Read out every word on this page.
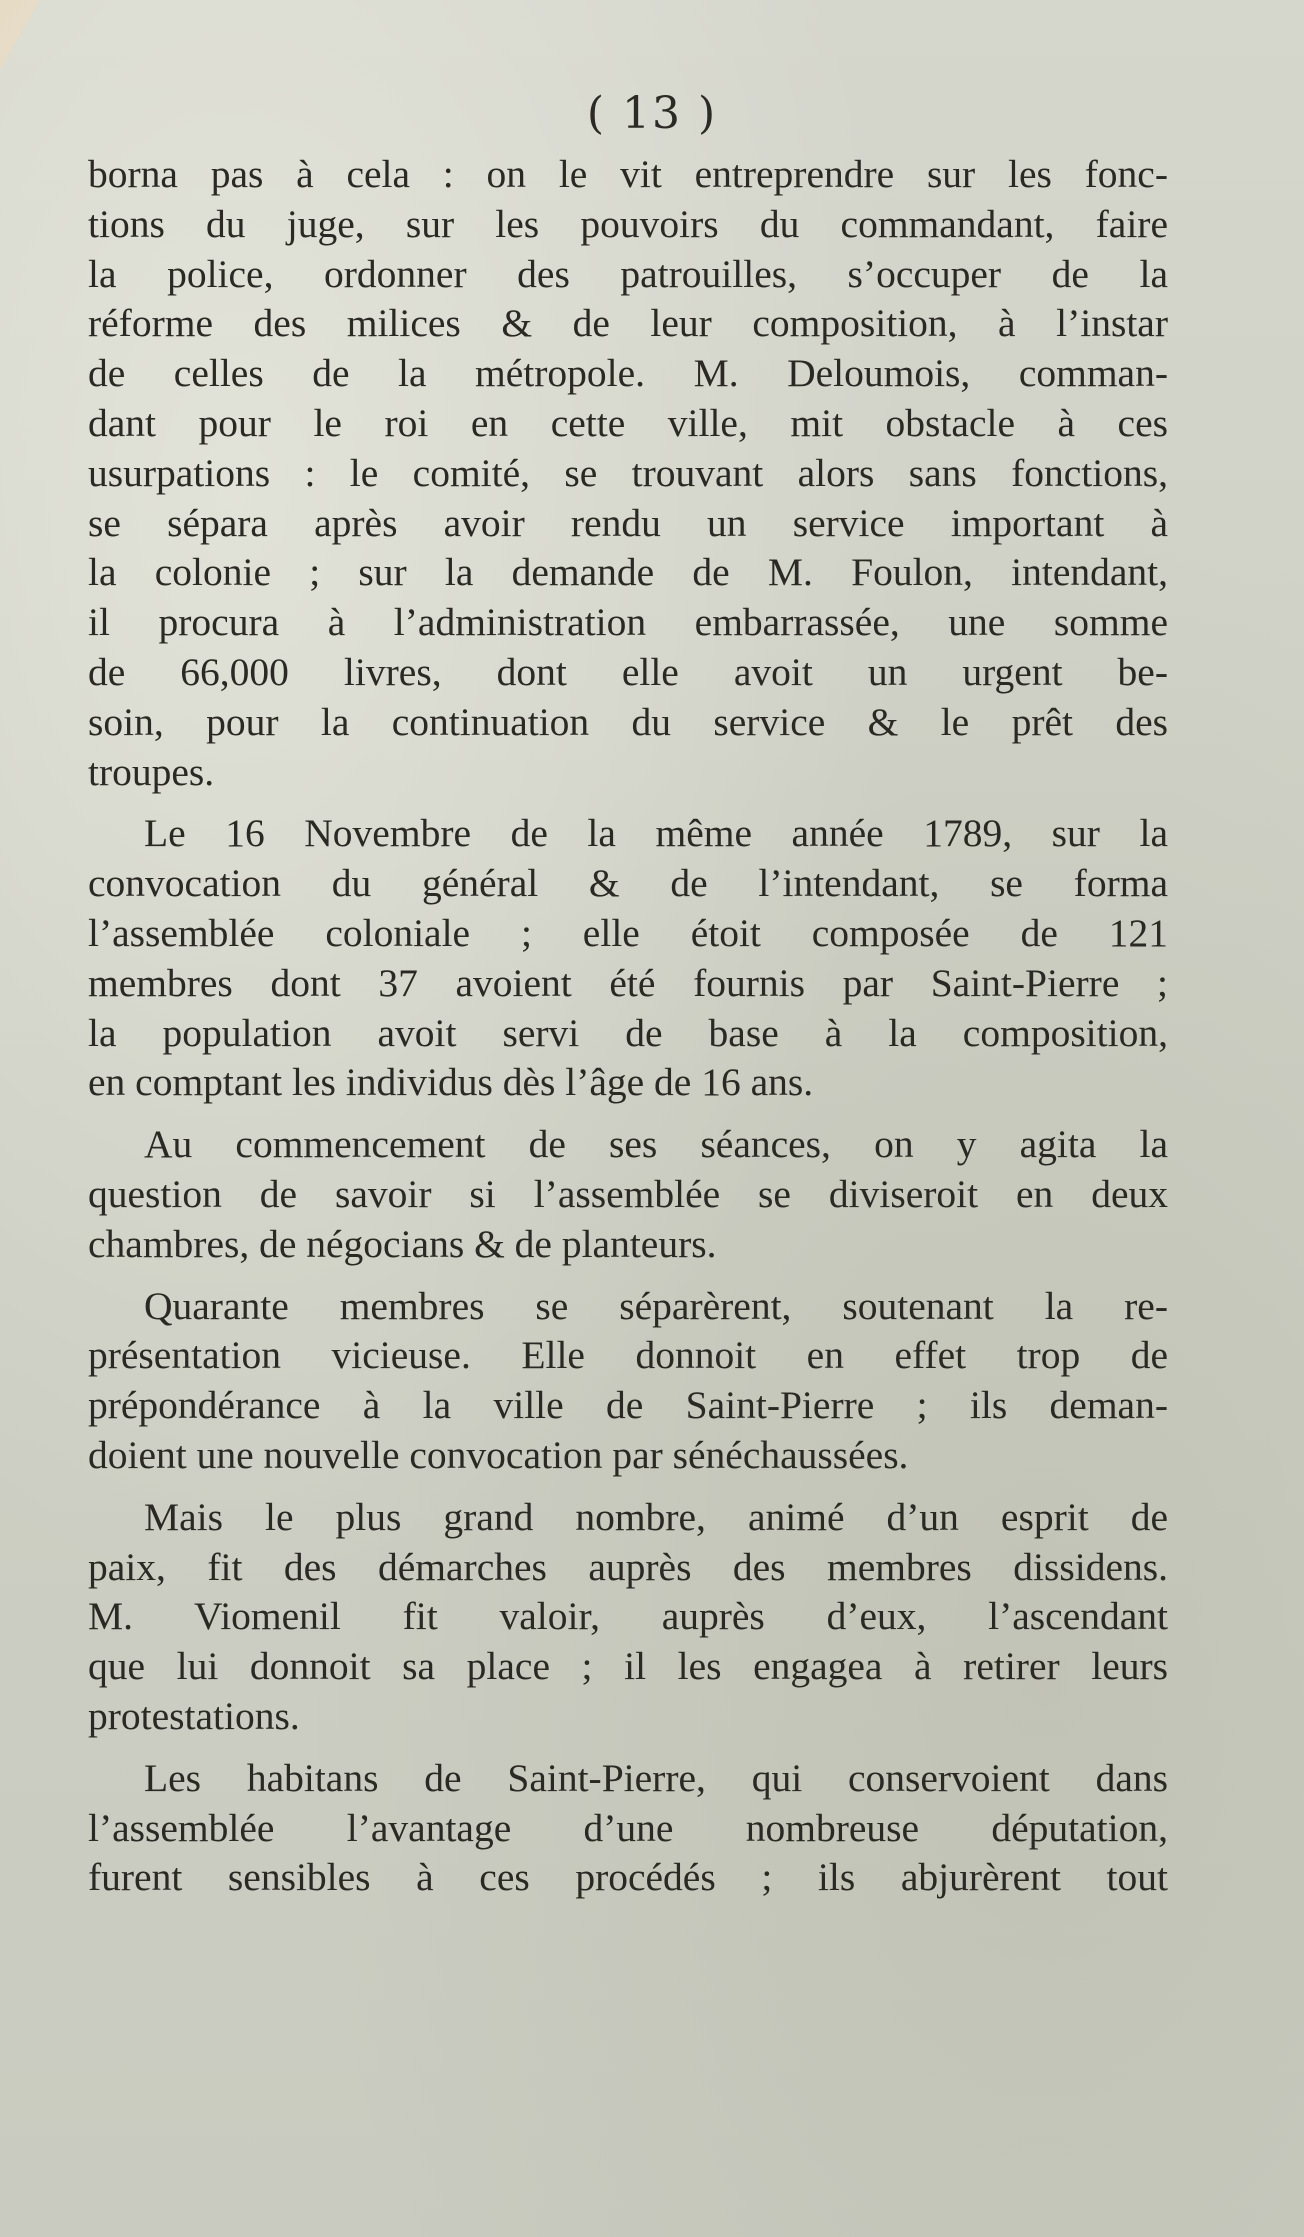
( 13 )
borna pas à cela : on le vit entreprendre sur les fonc-
tions du juge, sur les pouvoirs du commandant, faire
la police, ordonner des patrouilles, s’occuper de la
réforme des milices & de leur composition, à l’instar
de celles de la métropole. M. Deloumois, comman-
dant pour le roi en cette ville, mit obstacle à ces
usurpations : le comité, se trouvant alors sans fonctions,
se sépara après avoir rendu un service important à
la colonie ; sur la demande de M. Foulon, intendant,
il procura à l’administration embarrassée, une somme
de 66,000 livres, dont elle avoit un urgent be-
soin, pour la continuation du service & le prêt des
troupes.
Le 16 Novembre de la même année 1789, sur la
convocation du général & de l’intendant, se forma
l’assemblée coloniale ; elle étoit composée de 121
membres dont 37 avoient été fournis par Saint-Pierre ;
la population avoit servi de base à la composition,
en comptant les individus dès l’âge de 16 ans.
Au commencement de ses séances, on y agita la
question de savoir si l’assemblée se diviseroit en deux
chambres, de négocians & de planteurs.
Quarante membres se séparèrent, soutenant la re-
présentation vicieuse. Elle donnoit en effet trop de
prépondérance à la ville de Saint-Pierre ; ils deman-
doient une nouvelle convocation par sénéchaussées.
Mais le plus grand nombre, animé d’un esprit de
paix, fit des démarches auprès des membres dissidens.
M. Viomenil fit valoir, auprès d’eux, l’ascendant
que lui donnoit sa place ; il les engagea à retirer leurs
protestations.
Les habitans de Saint-Pierre, qui conservoient dans
l’assemblée l’avantage d’une nombreuse députation,
furent sensibles à ces procédés ; ils abjurèrent tout
